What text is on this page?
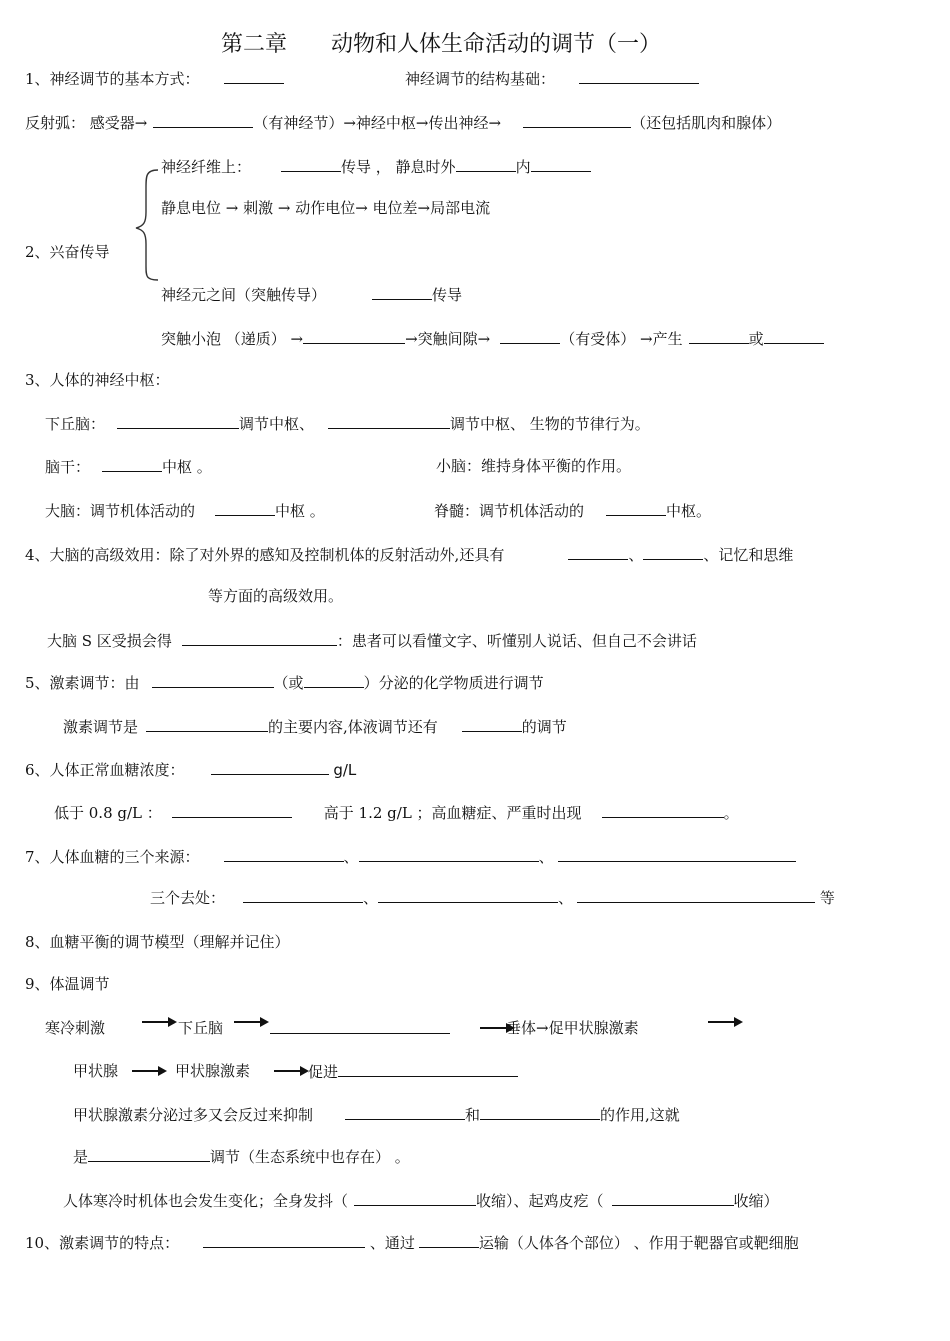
第二章　　动物和人体生命活动的调节（一）
1、神经调节的基本方式：	神经调节的结构基础：
反射弧： 感受器→	（有神经节）→神经中枢→传出神经→	（还包括肌肉和腺体）
神经纤维上：	传导 ， 静息时外	内
静息电位 → 刺激 → 动作电位→ 电位差→局部电流
2、兴奋传导
神经元之间（突触传导）	传导
突触小泡 （递质） →	→突触间隙→	（有受体） →产生	或
3、人体的神经中枢：
下丘脑：	调节中枢、	调节中枢、 生物的节律行为。
脑干：	中枢 。	小脑：维持身体平衡的作用。
大脑：调节机体活动的	中枢 。	脊髓：调节机体活动的	中枢。
4、大脑的高级效用：除了对外界的感知及控制机体的反射活动外,还具有	、	、记忆和思维
等方面的高级效用。
大脑 S 区受损会得	：患者可以看懂文字、听懂别人说话、但自己不会讲话
5、激素调节：由	（或	）分泌的化学物质进行调节
激素调节是	的主要内容,体液调节还有	的调节
6、人体正常血糖浓度：	g/L
低于 0.8 g/L ：	高于 1.2 g/L ；高血糖症、严重时出现	。
7、人体血糖的三个来源：	、	、
三个去处：	、	、	等
8、血糖平衡的调节模型（理解并记住）
9、体温调节
寒冷刺激	下丘脑	垂体→促甲状腺激素
甲状腺	甲状腺激素	促进
甲状腺激素分泌过多又会反过来抑制	和	的作用,这就
是	调节（生态系统中也存在） 。
人体寒冷时机体也会发生变化；全身发抖（	收缩）、起鸡皮疙（	收缩）
10、激素调节的特点：	、通过	运输（人体各个部位） 、作用于靶器官或靶细胞
